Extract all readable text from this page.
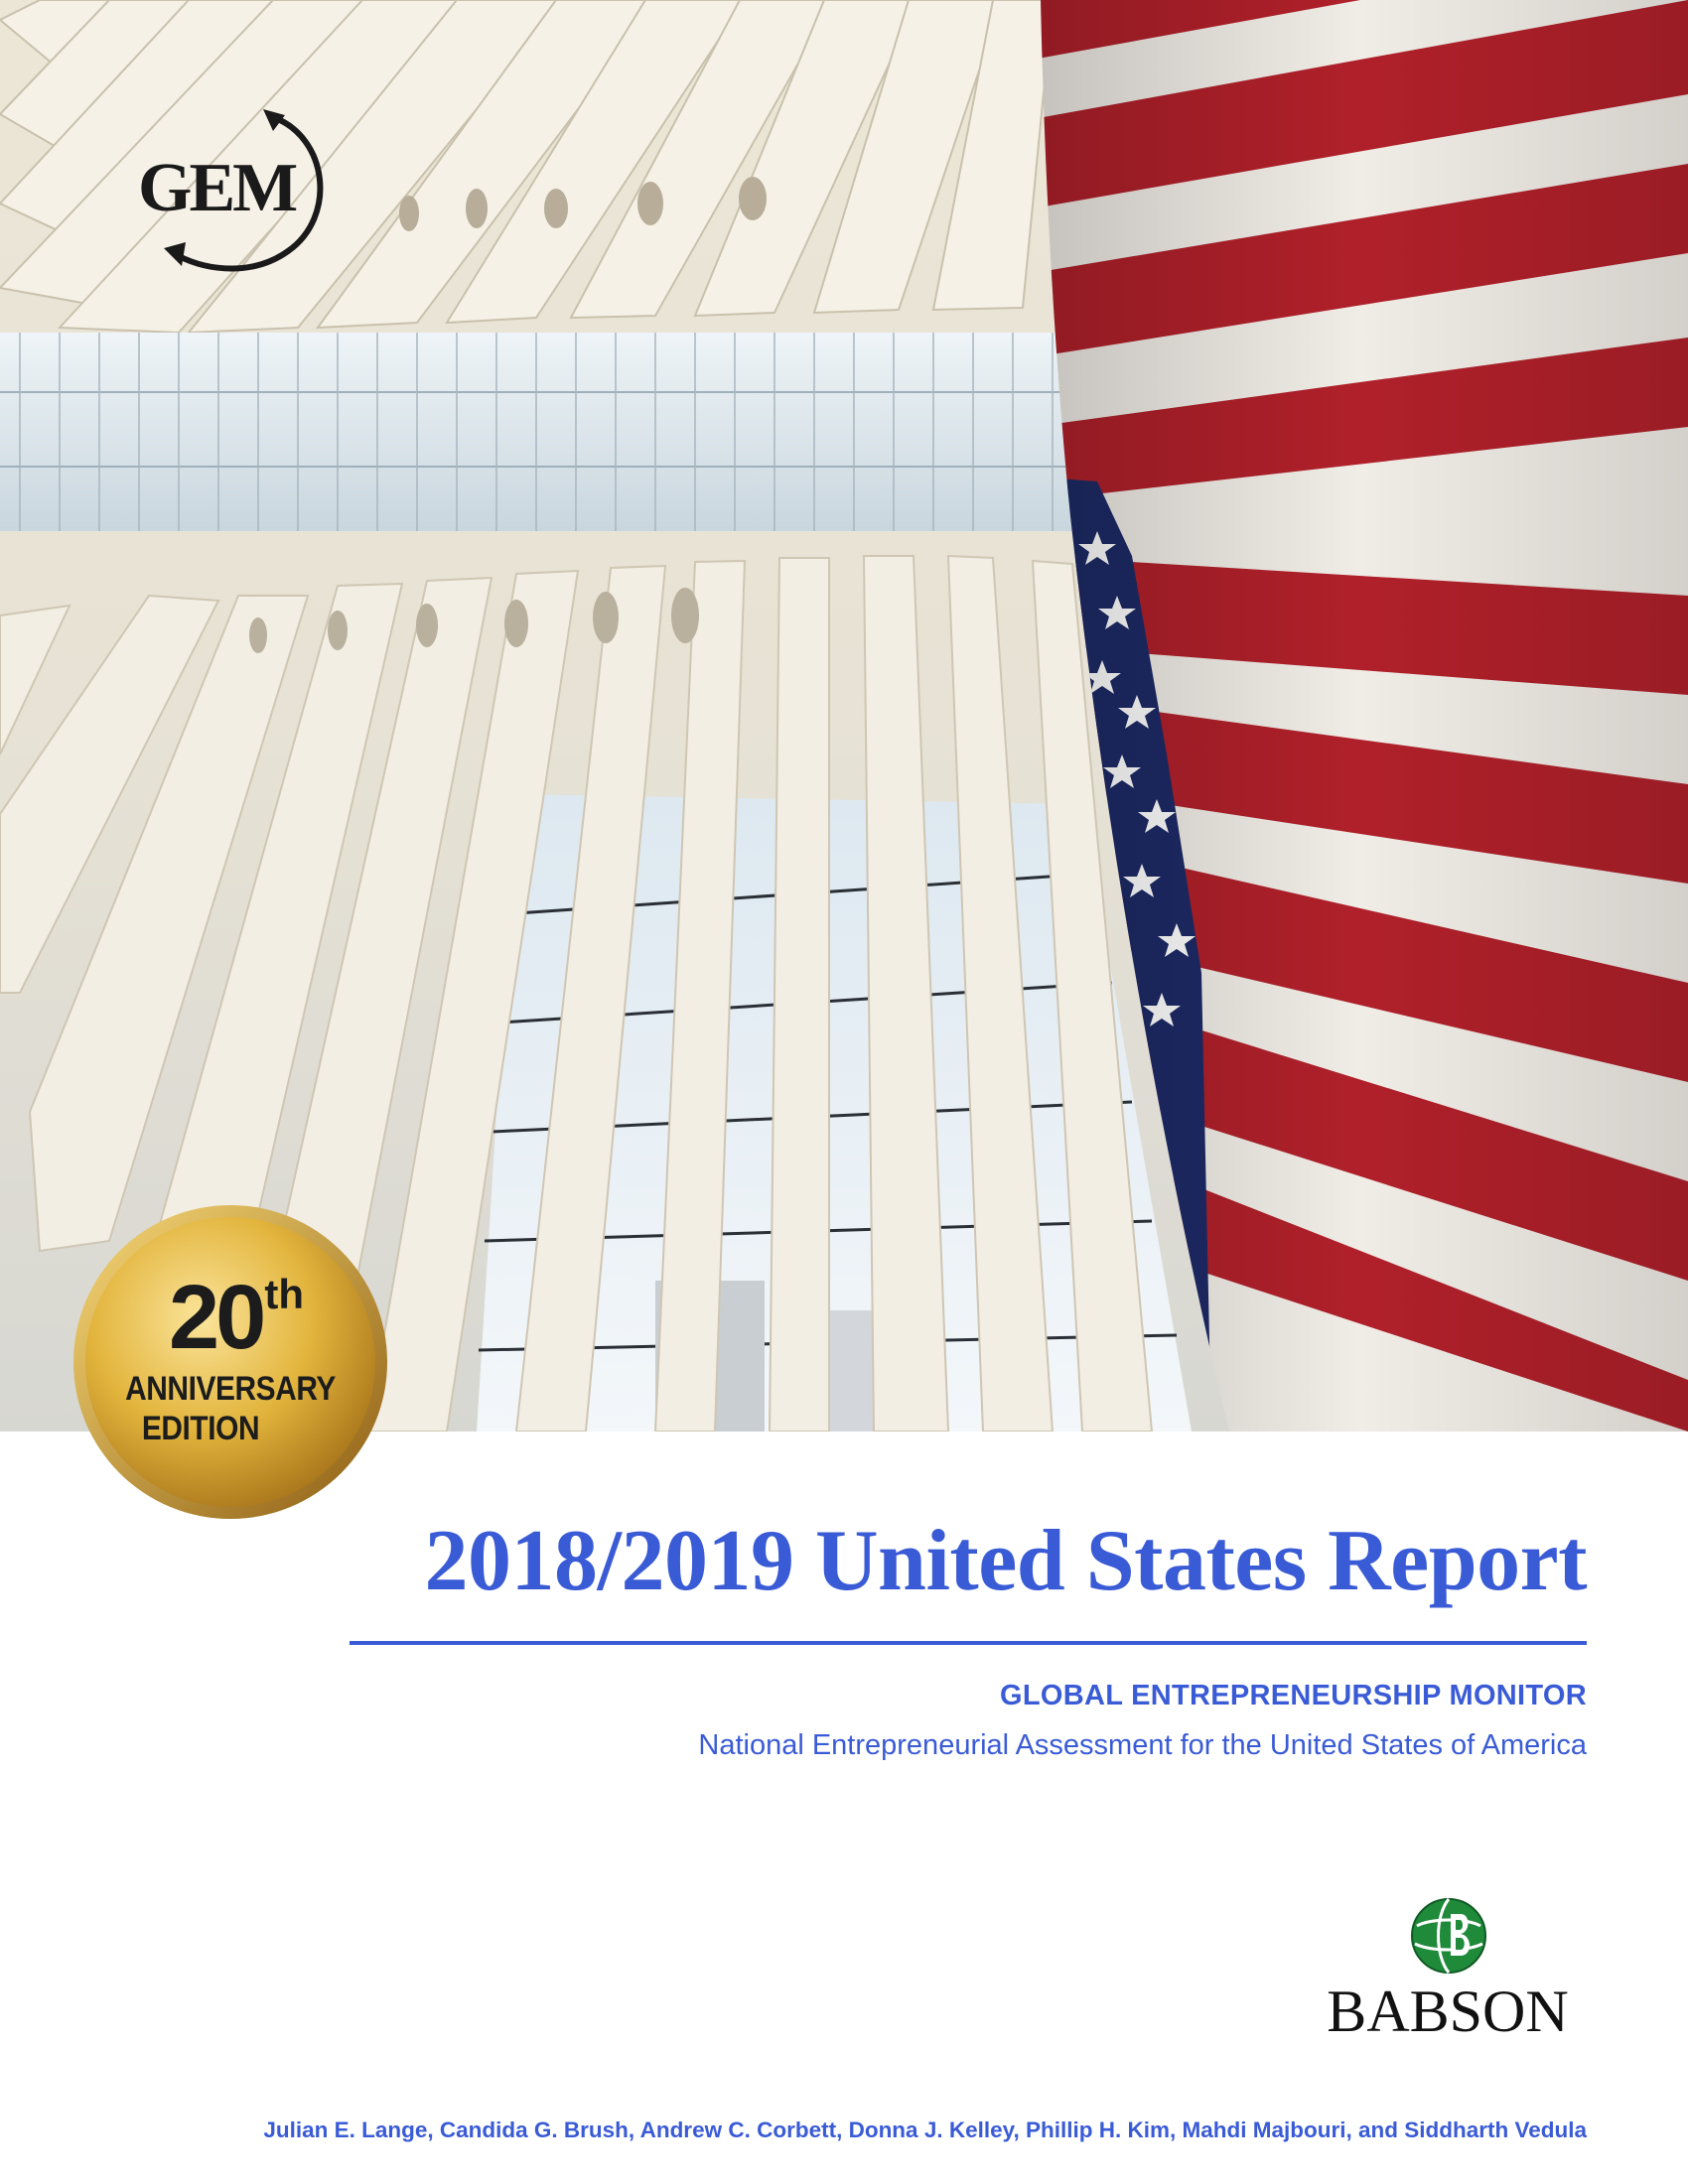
GEM
20th
ANNIVERSARY
EDITION
2018/2019 United States Report
GLOBAL ENTREPRENEURSHIP MONITOR
National Entrepreneurial Assessment for the United States of America
BABSON
Julian E. Lange, Candida G. Brush, Andrew C. Corbett, Donna J. Kelley, Phillip H. Kim, Mahdi Majbouri, and Siddharth Vedula
